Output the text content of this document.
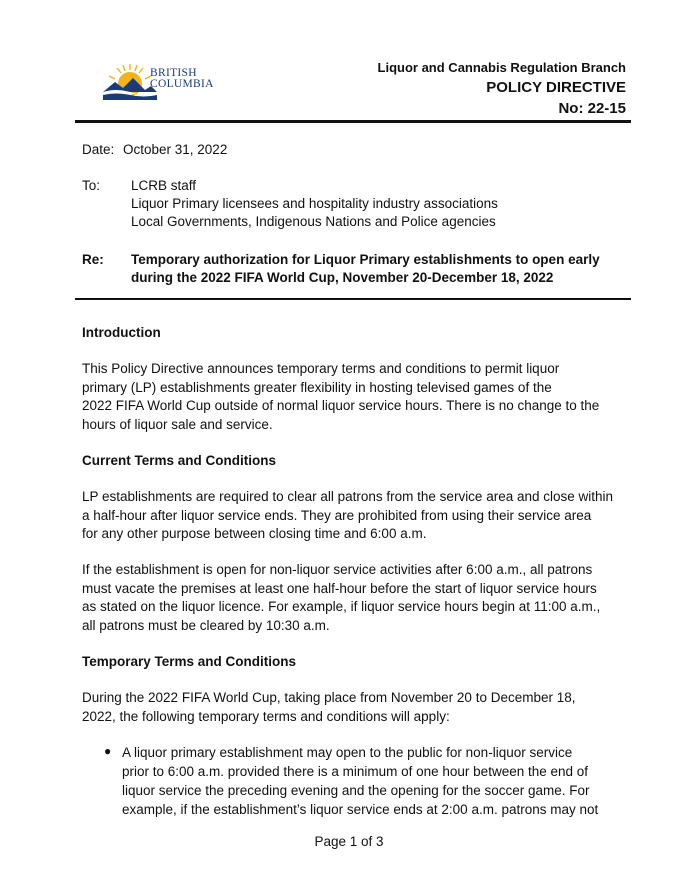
BRITISH
COLUMBIA
Liquor and Cannabis Regulation Branch
POLICY DIRECTIVE
No: 22-15
Date: October 31, 2022
To: LCRB staff
Liquor Primary licensees and hospitality industry associations
Local Governments, Indigenous Nations and Police agencies
Re: Temporary authorization for Liquor Primary establishments to open early
during the 2022 FIFA World Cup, November 20-December 18, 2022
Introduction
This Policy Directive announces temporary terms and conditions to permit liquor
primary (LP) establishments greater flexibility in hosting televised games of the
2022 FIFA World Cup outside of normal liquor service hours. There is no change to the
hours of liquor sale and service.
Current Terms and Conditions
LP establishments are required to clear all patrons from the service area and close within
a half-hour after liquor service ends. They are prohibited from using their service area
for any other purpose between closing time and 6:00 a.m.
If the establishment is open for non-liquor service activities after 6:00 a.m., all patrons
must vacate the premises at least one half-hour before the start of liquor service hours
as stated on the liquor licence. For example, if liquor service hours begin at 11:00 a.m.,
all patrons must be cleared by 10:30 a.m.
Temporary Terms and Conditions
During the 2022 FIFA World Cup, taking place from November 20 to December 18,
2022, the following temporary terms and conditions will apply:
● A liquor primary establishment may open to the public for non-liquor service
prior to 6:00 a.m. provided there is a minimum of one hour between the end of
liquor service the preceding evening and the opening for the soccer game. For
example, if the establishment’s liquor service ends at 2:00 a.m. patrons may not
Page 1 of 3
